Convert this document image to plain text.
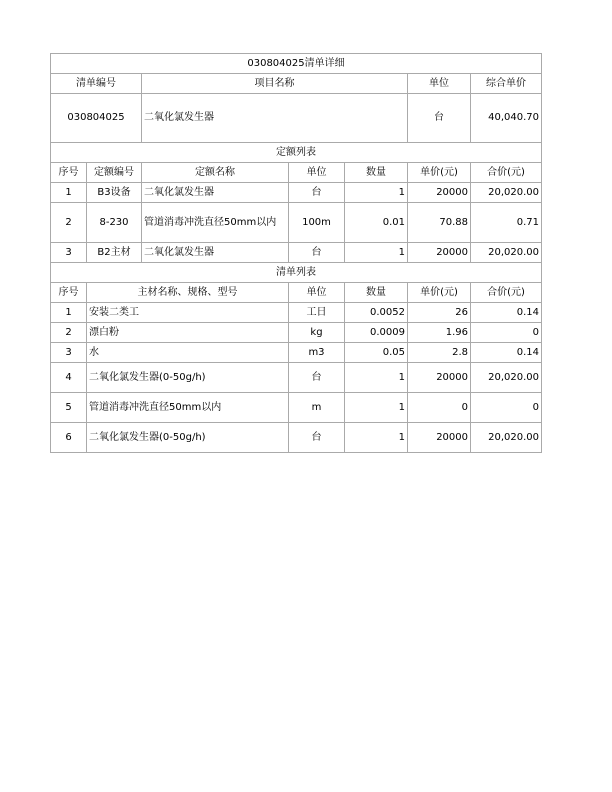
030804025清单详细						
清单编号		项目名称			单位	综合单价
030804025		二氧化氯发生器			台	40,040.70
定额列表						
序号	定额编号	定额名称	单位	数量	单价(元)	合价(元)
1	B3设备	二氧化氯发生器	台	1	20000	20,020.00
2	8-230	管道消毒冲洗直径50mm以内	100m	0.01	70.88	0.71
3	B2主材	二氧化氯发生器	台	1	20000	20,020.00
清单列表						
序号	主材名称、规格、型号		单位	数量	单价(元)	合价(元)
1	安装二类工		工日	0.0052	26	0.14
2	漂白粉		kg	0.0009	1.96	0
3	水		m3	0.05	2.8	0.14
4	二氧化氯发生器(0-50g/h)		台	1	20000	20,020.00
5	管道消毒冲洗直径50mm以内		m	1	0	0
6	二氧化氯发生器(0-50g/h)		台	1	20000	20,020.00
